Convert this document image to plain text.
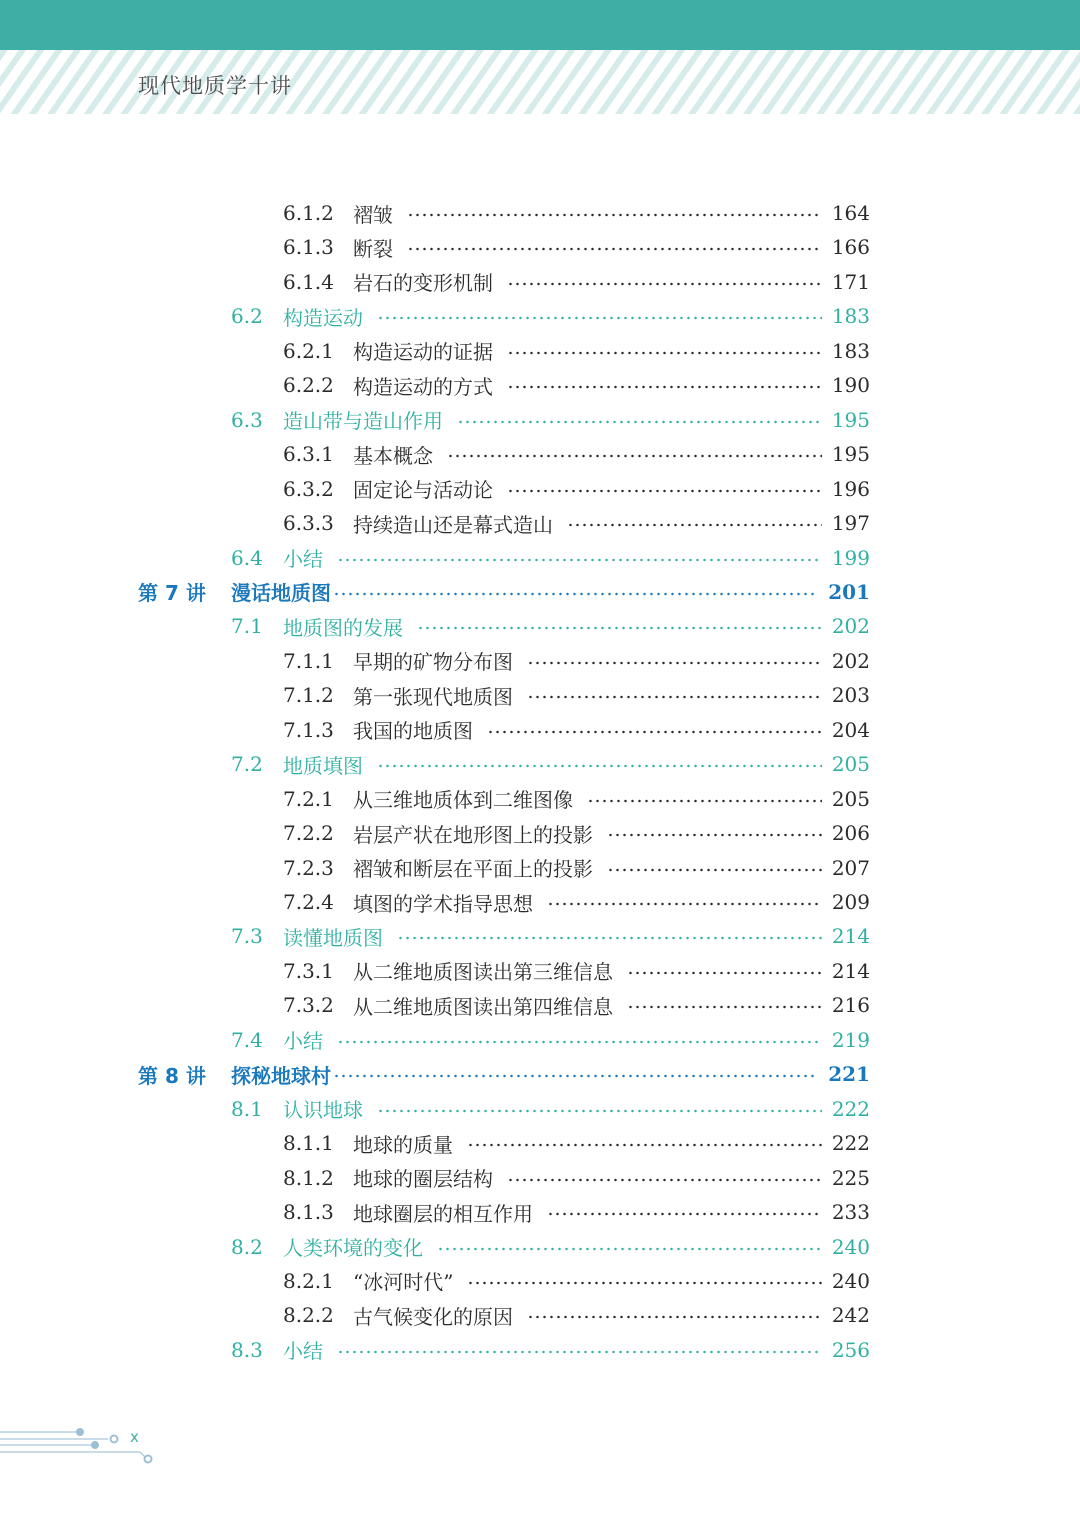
现代地质学十讲
6.1.2 褶皱	164
6.1.3 断裂	166
6.1.4 岩石的变形机制	171
6.2	构造运动	183
6.2.1 构造运动的证据	183
6.2.2 构造运动的方式	190
6.3	造山带与造山作用	195
6.3.1 基本概念	195
6.3.2 固定论与活动论	196
6.3.3 持续造山还是幕式造山	197
6.4	小结	199
第 7 讲	漫话地质图	201
7.1	地质图的发展	202
7.1.1 早期的矿物分布图	202
7.1.2 第一张现代地质图	203
7.1.3 我国的地质图	204
7.2	地质填图	205
7.2.1 从三维地质体到二维图像	205
7.2.2 岩层产状在地形图上的投影	206
7.2.3 褶皱和断层在平面上的投影	207
7.2.4 填图的学术指导思想	209
7.3	读懂地质图	214
7.3.1 从二维地质图读出第三维信息	214
7.3.2 从二维地质图读出第四维信息	216
7.4	小结	219
第 8 讲	探秘地球村	221
8.1	认识地球	222
8.1.1 地球的质量	222
8.1.2 地球的圈层结构	225
8.1.3 地球圈层的相互作用	233
8.2	人类环境的变化	240
8.2.1 “冰河时代”	240
8.2.2 古气候变化的原因	242
8.3	小结	256
x
